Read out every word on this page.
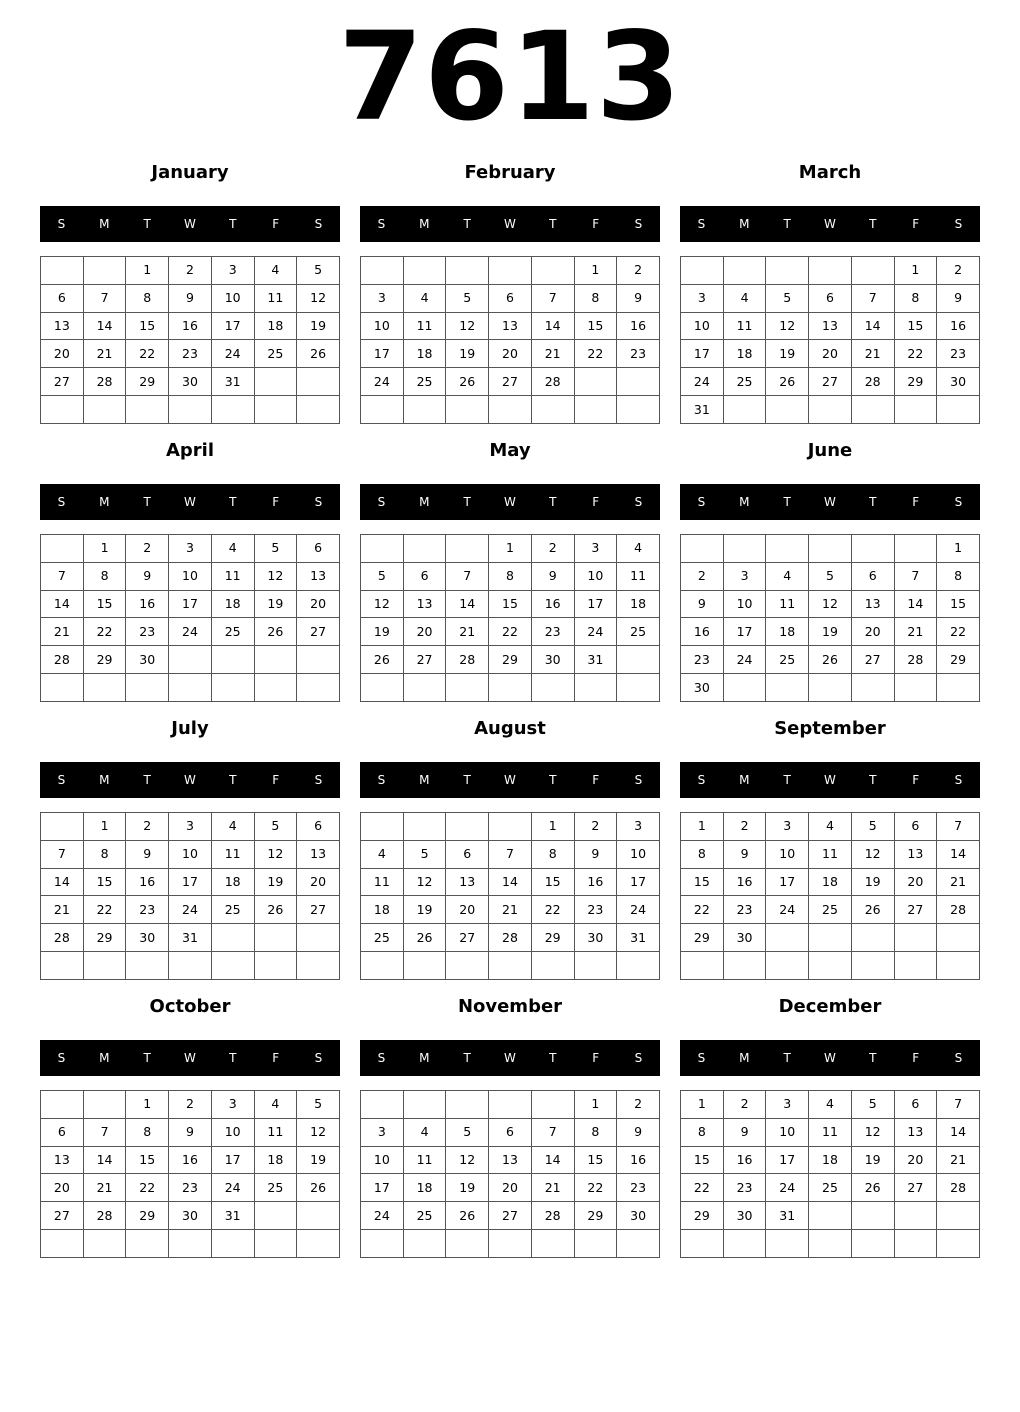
7613
January
S	M	T	W	T	F	S
		1	2	3	4	5
6	7	8	9	10	11	12
13	14	15	16	17	18	19
20	21	22	23	24	25	26
27	28	29	30	31		

February
S	M	T	W	T	F	S
					1	2
3	4	5	6	7	8	9
10	11	12	13	14	15	16
17	18	19	20	21	22	23
24	25	26	27	28		

March
S	M	T	W	T	F	S
					1	2
3	4	5	6	7	8	9
10	11	12	13	14	15	16
17	18	19	20	21	22	23
24	25	26	27	28	29	30
31						
April
S	M	T	W	T	F	S
	1	2	3	4	5	6
7	8	9	10	11	12	13
14	15	16	17	18	19	20
21	22	23	24	25	26	27
28	29	30				

May
S	M	T	W	T	F	S
			1	2	3	4
5	6	7	8	9	10	11
12	13	14	15	16	17	18
19	20	21	22	23	24	25
26	27	28	29	30	31	

June
S	M	T	W	T	F	S
						1
2	3	4	5	6	7	8
9	10	11	12	13	14	15
16	17	18	19	20	21	22
23	24	25	26	27	28	29
30						
July
S	M	T	W	T	F	S
	1	2	3	4	5	6
7	8	9	10	11	12	13
14	15	16	17	18	19	20
21	22	23	24	25	26	27
28	29	30	31			

August
S	M	T	W	T	F	S
				1	2	3
4	5	6	7	8	9	10
11	12	13	14	15	16	17
18	19	20	21	22	23	24
25	26	27	28	29	30	31

September
S	M	T	W	T	F	S
1	2	3	4	5	6	7
8	9	10	11	12	13	14
15	16	17	18	19	20	21
22	23	24	25	26	27	28
29	30					

October
S	M	T	W	T	F	S
		1	2	3	4	5
6	7	8	9	10	11	12
13	14	15	16	17	18	19
20	21	22	23	24	25	26
27	28	29	30	31		

November
S	M	T	W	T	F	S
					1	2
3	4	5	6	7	8	9
10	11	12	13	14	15	16
17	18	19	20	21	22	23
24	25	26	27	28	29	30

December
S	M	T	W	T	F	S
1	2	3	4	5	6	7
8	9	10	11	12	13	14
15	16	17	18	19	20	21
22	23	24	25	26	27	28
29	30	31				
